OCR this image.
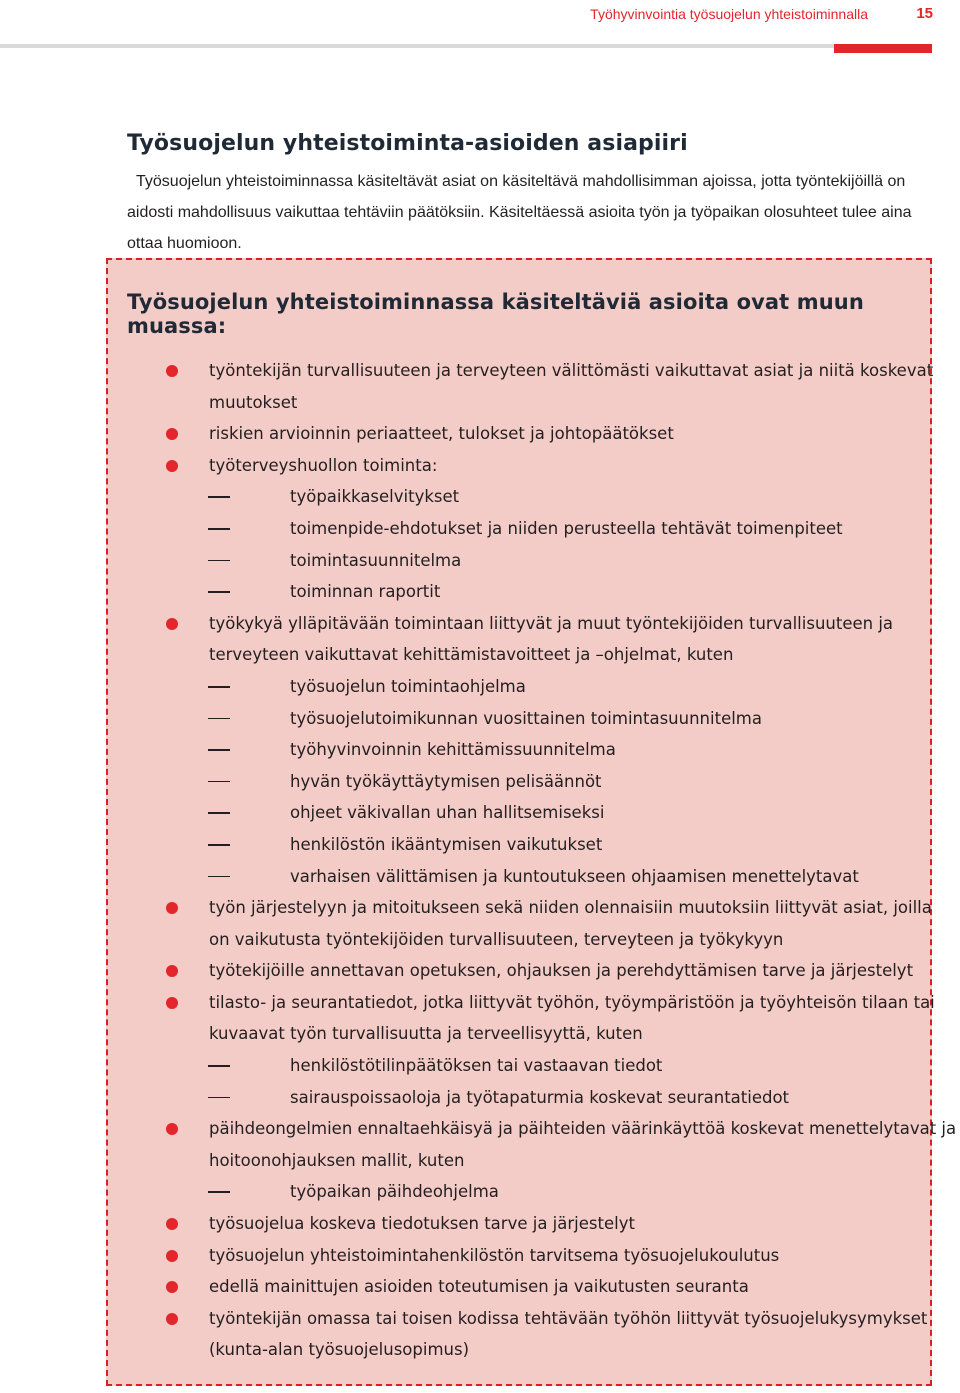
Työhyvinvointia työsuojelun yhteistoiminnalla	15
Työsuojelun yhteistoiminta-asioiden asiapiiri

Työsuojelun yhteistoiminnassa käsiteltävät asiat on käsiteltävä mahdollisimman ajoissa, jotta työntekijöillä on aidosti mahdollisuus vaikuttaa tehtäviin päätöksiin. Käsiteltäessä asioita työn ja työpaikan olosuhteet tulee aina ottaa huomioon.

Työsuojelun yhteistoiminnassa käsiteltäviä asioita ovat muun muassa:
työntekijän turvallisuuteen ja terveyteen välittömästi vaikuttavat asiat ja niitä koskevat
muutokset
riskien arvioinnin periaatteet, tulokset ja johtopäätökset
työterveyshuollon toiminta:
työpaikkaselvitykset
toimenpide-ehdotukset ja niiden perusteella tehtävät toimenpiteet
toimintasuunnitelma
toiminnan raportit
työkykyä ylläpitävään toimintaan liittyvät ja muut työntekijöiden turvallisuuteen ja
terveyteen vaikuttavat kehittämistavoitteet ja –ohjelmat, kuten
työsuojelun toimintaohjelma
työsuojelutoimikunnan vuosittainen toimintasuunnitelma
työhyvinvoinnin kehittämissuunnitelma
hyvän työkäyttäytymisen pelisäännöt
ohjeet väkivallan uhan hallitsemiseksi
henkilöstön ikääntymisen vaikutukset
varhaisen välittämisen ja kuntoutukseen ohjaamisen menettelytavat
työn järjestelyyn ja mitoitukseen sekä niiden olennaisiin muutoksiin liittyvät asiat, joilla
on vaikutusta työntekijöiden turvallisuuteen, terveyteen ja työkykyyn
työtekijöille annettavan opetuksen, ohjauksen ja perehdyttämisen tarve ja järjestelyt
tilasto- ja seurantatiedot, jotka liittyvät työhön, työympäristöön ja työyhteisön tilaan tai
kuvaavat työn turvallisuutta ja terveellisyyttä, kuten
henkilöstötilinpäätöksen tai vastaavan tiedot
sairauspoissaoloja ja työtapaturmia koskevat seurantatiedot
päihdeongelmien ennaltaehkäisyä ja päihteiden väärinkäyttöä koskevat menettelytavat ja
hoitoonohjauksen mallit, kuten
työpaikan päihdeohjelma
työsuojelua koskeva tiedotuksen tarve ja järjestelyt
työsuojelun yhteistoimintahenkilöstön tarvitsema työsuojelukoulutus
edellä mainittujen asioiden toteutumisen ja vaikutusten seuranta
työntekijän omassa tai toisen kodissa tehtävään työhön liittyvät työsuojelukysymykset
(kunta-alan työsuojelusopimus)
